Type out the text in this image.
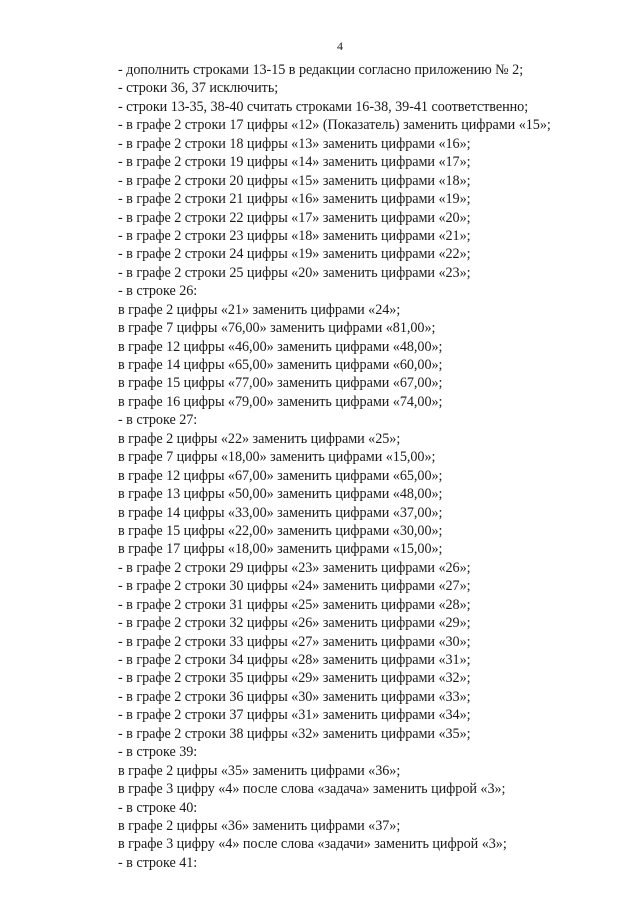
4
- дополнить строками 13-15 в редакции согласно приложению № 2;
- строки 36, 37 исключить;
- строки 13-35, 38-40 считать строками 16-38, 39-41 соответственно;
- в графе 2 строки 17 цифры «12» (Показатель) заменить цифрами «15»;
- в графе 2 строки 18 цифры «13» заменить цифрами «16»;
- в графе 2 строки 19 цифры «14» заменить цифрами «17»;
- в графе 2 строки 20 цифры «15» заменить цифрами «18»;
- в графе 2 строки 21 цифры «16» заменить цифрами «19»;
- в графе 2 строки 22 цифры «17» заменить цифрами «20»;
- в графе 2 строки 23 цифры «18» заменить цифрами «21»;
- в графе 2 строки 24 цифры «19» заменить цифрами «22»;
- в графе 2 строки 25 цифры «20» заменить цифрами «23»;
- в строке 26:
в графе 2 цифры «21» заменить цифрами «24»;
в графе 7 цифры «76,00» заменить цифрами «81,00»;
в графе 12 цифры «46,00» заменить цифрами «48,00»;
в графе 14 цифры «65,00» заменить цифрами «60,00»;
в графе 15 цифры «77,00» заменить цифрами «67,00»;
в графе 16 цифры «79,00» заменить цифрами «74,00»;
- в строке 27:
в графе 2 цифры «22» заменить цифрами «25»;
в графе 7 цифры «18,00» заменить цифрами «15,00»;
в графе 12 цифры «67,00» заменить цифрами «65,00»;
в графе 13 цифры «50,00» заменить цифрами «48,00»;
в графе 14 цифры «33,00» заменить цифрами «37,00»;
в графе 15 цифры «22,00» заменить цифрами «30,00»;
в графе 17 цифры «18,00» заменить цифрами «15,00»;
- в графе 2 строки 29 цифры «23» заменить цифрами «26»;
- в графе 2 строки 30 цифры «24» заменить цифрами «27»;
- в графе 2 строки 31 цифры «25» заменить цифрами «28»;
- в графе 2 строки 32 цифры «26» заменить цифрами «29»;
- в графе 2 строки 33 цифры «27» заменить цифрами «30»;
- в графе 2 строки 34 цифры «28» заменить цифрами «31»;
- в графе 2 строки 35 цифры «29» заменить цифрами «32»;
- в графе 2 строки 36 цифры «30» заменить цифрами «33»;
- в графе 2 строки 37 цифры «31» заменить цифрами «34»;
- в графе 2 строки 38 цифры «32» заменить цифрами «35»;
- в строке 39:
в графе 2 цифры «35» заменить цифрами «36»;
в графе 3 цифру «4» после слова «задача» заменить цифрой «3»;
- в строке 40:
в графе 2 цифры «36» заменить цифрами «37»;
в графе 3 цифру «4» после слова «задачи» заменить цифрой «3»;
- в строке 41:
